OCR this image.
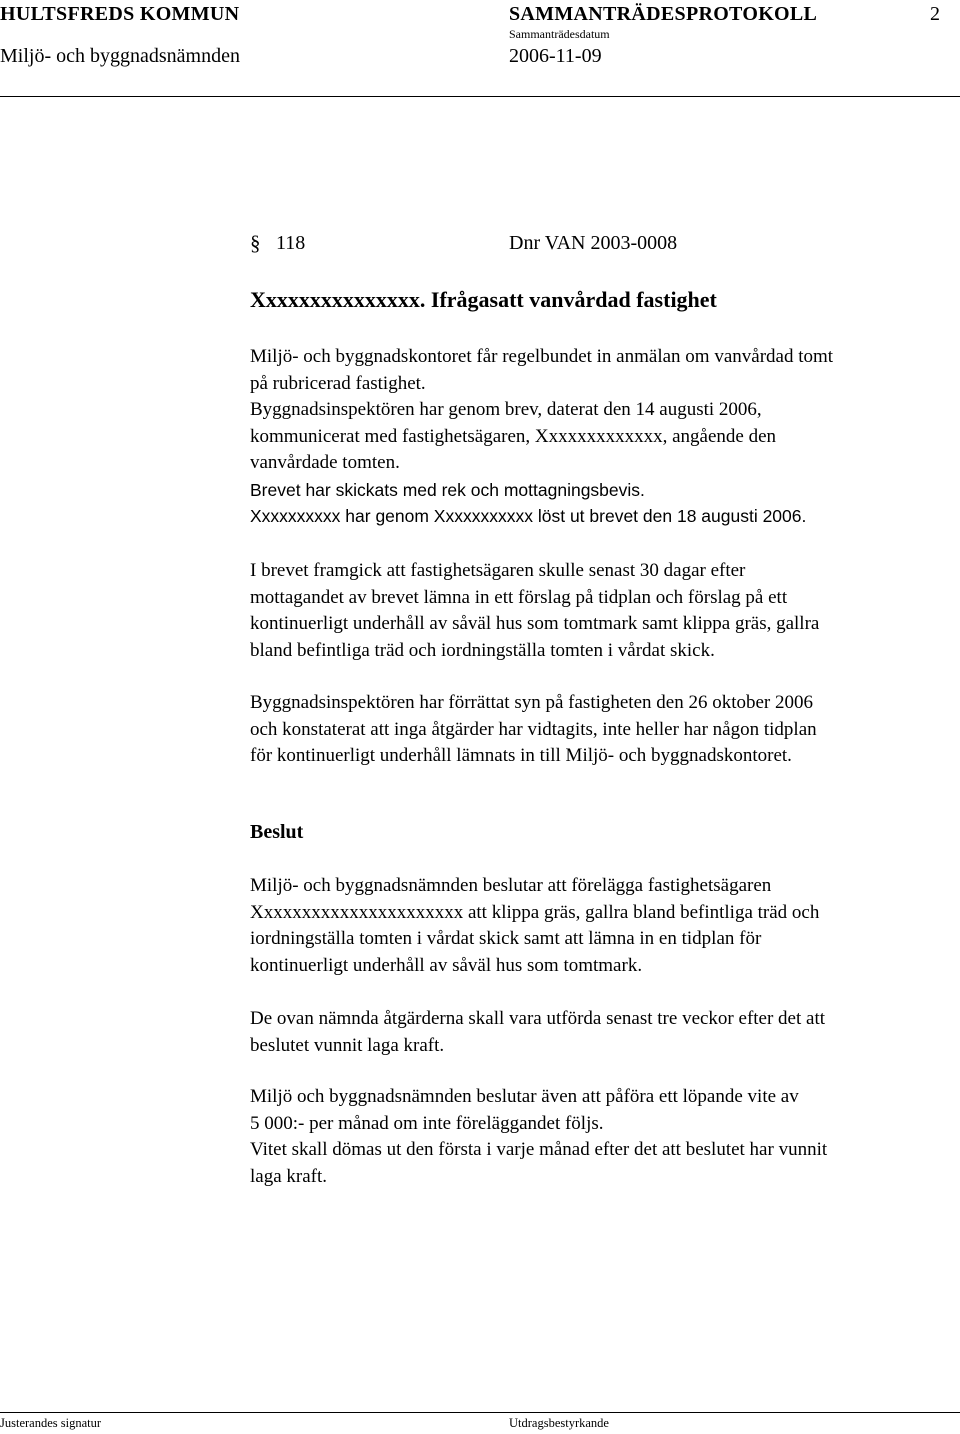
HULTSFREDS KOMMUN	SAMMANTRÄDESPROTOKOLL	2
Miljö- och byggnadsnämnden
Sammanträdesdatum
2006-11-09
§ 118	Dnr VAN 2003-0008
Xxxxxxxxxxxxxxx. Ifrågasatt vanvårdad fastighet

Miljö- och byggnadskontoret får regelbundet in anmälan om vanvårdad tomt

på rubricerad fastighet.

Byggnadsinspektören har genom brev, daterat den 14 augusti 2006,

kommunicerat med fastighetsägaren, Xxxxxxxxxxxxx, angående den

vanvårdade tomten.

Brevet har skickats med rek och mottagningsbevis.

Xxxxxxxxxx har genom Xxxxxxxxxxx löst ut brevet den 18 augusti 2006.

I brevet framgick att fastighetsägaren skulle senast 30 dagar efter

mottagandet av brevet lämna in ett förslag på tidplan och förslag på ett

kontinuerligt underhåll av såväl hus som tomtmark samt klippa gräs, gallra

bland befintliga träd och iordningställa tomten i vårdat skick.

Byggnadsinspektören har förrättat syn på fastigheten den 26 oktober 2006

och konstaterat att inga åtgärder har vidtagits, inte heller har någon tidplan

för kontinuerligt underhåll lämnats in till Miljö- och byggnadskontoret.

Beslut

Miljö- och byggnadsnämnden beslutar att förelägga fastighetsägaren

Xxxxxxxxxxxxxxxxxxxxxx att klippa gräs, gallra bland befintliga träd och

iordningställa tomten i vårdat skick samt att lämna in en tidplan för

kontinuerligt underhåll av såväl hus som tomtmark.

De ovan nämnda åtgärderna skall vara utförda senast tre veckor efter det att

beslutet vunnit laga kraft.

Miljö och byggnadsnämnden beslutar även att påföra ett löpande vite av

5 000:- per månad om inte föreläggandet följs.

Vitet skall dömas ut den första i varje månad efter det att beslutet har vunnit

laga kraft.

Justerandes signatur	Utdragsbestyrkande
